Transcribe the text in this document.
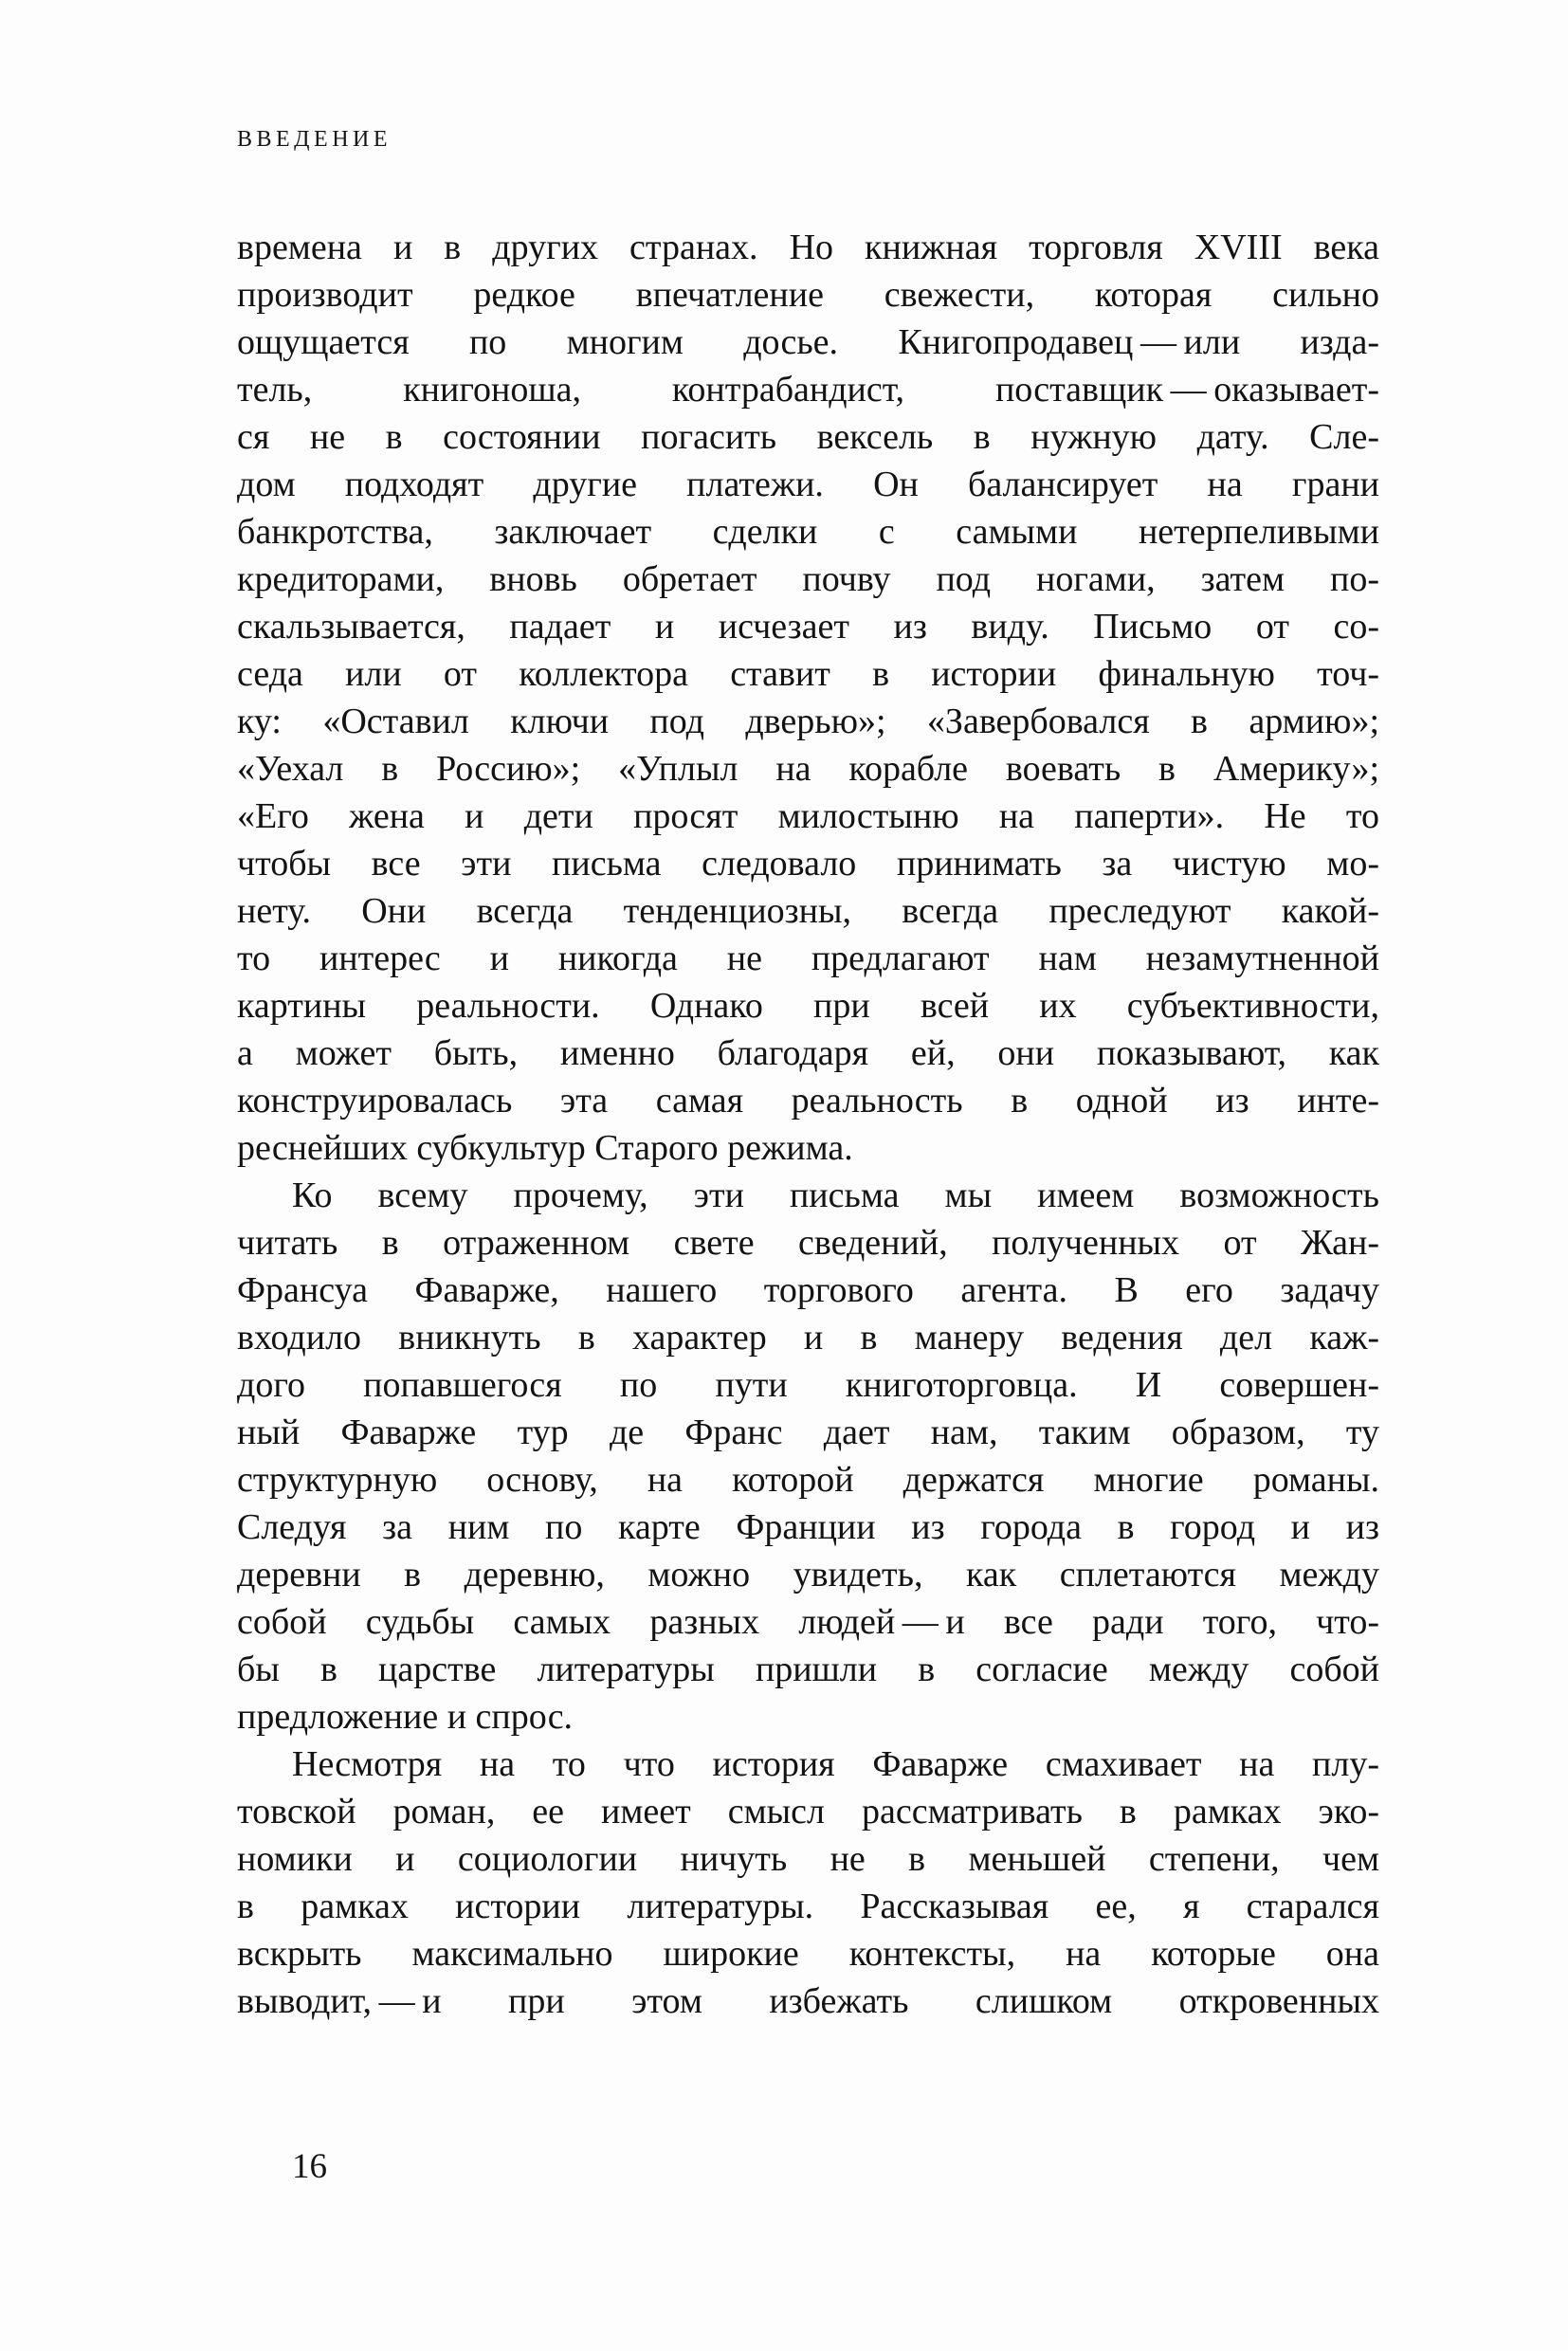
ВВЕДЕНИЕ
времена и в других странах. Но книжная торговля XVIII века
производит редкое впечатление свежести, которая сильно
ощущается по многим досье. Книгопродавец — или изда-
тель, книгоноша, контрабандист, поставщик — оказывает-
ся не в состоянии погасить вексель в нужную дату. Сле-
дом подходят другие платежи. Он балансирует на грани
банкротства, заключает сделки с самыми нетерпеливыми
кредиторами, вновь обретает почву под ногами, затем по-
скальзывается, падает и исчезает из виду. Письмо от со-
седа или от коллектора ставит в истории финальную точ-
ку: «Оставил ключи под дверью»; «Завербовался в армию»;
«Уехал в Россию»; «Уплыл на корабле воевать в Америку»;
«Его жена и дети просят милостыню на паперти». Не то
чтобы все эти письма следовало принимать за чистую мо-
нету. Они всегда тенденциозны, всегда преследуют какой-
то интерес и никогда не предлагают нам незамутненной
картины реальности. Однако при всей их субъективности,
а может быть, именно благодаря ей, они показывают, как
конструировалась эта самая реальность в одной из инте-
реснейших субкультур Старого режима.
Ко всему прочему, эти письма мы имеем возможность
читать в отраженном свете сведений, полученных от Жан-
Франсуа Фаварже, нашего торгового агента. В его задачу
входило вникнуть в характер и в манеру ведения дел каж-
дого попавшегося по пути книготорговца. И совершен-
ный Фаварже тур де Франс дает нам, таким образом, ту
структурную основу, на которой держатся многие романы.
Следуя за ним по карте Франции из города в город и из
деревни в деревню, можно увидеть, как сплетаются между
собой судьбы самых разных людей — и все ради того, что-
бы в царстве литературы пришли в согласие между собой
предложение и спрос.
Несмотря на то что история Фаварже смахивает на плу-
товской роман, ее имеет смысл рассматривать в рамках эко-
номики и социологии ничуть не в меньшей степени, чем
в рамках истории литературы. Рассказывая ее, я старался
вскрыть максимально широкие контексты, на которые она
выводит, — и при этом избежать слишком откровенных
16
